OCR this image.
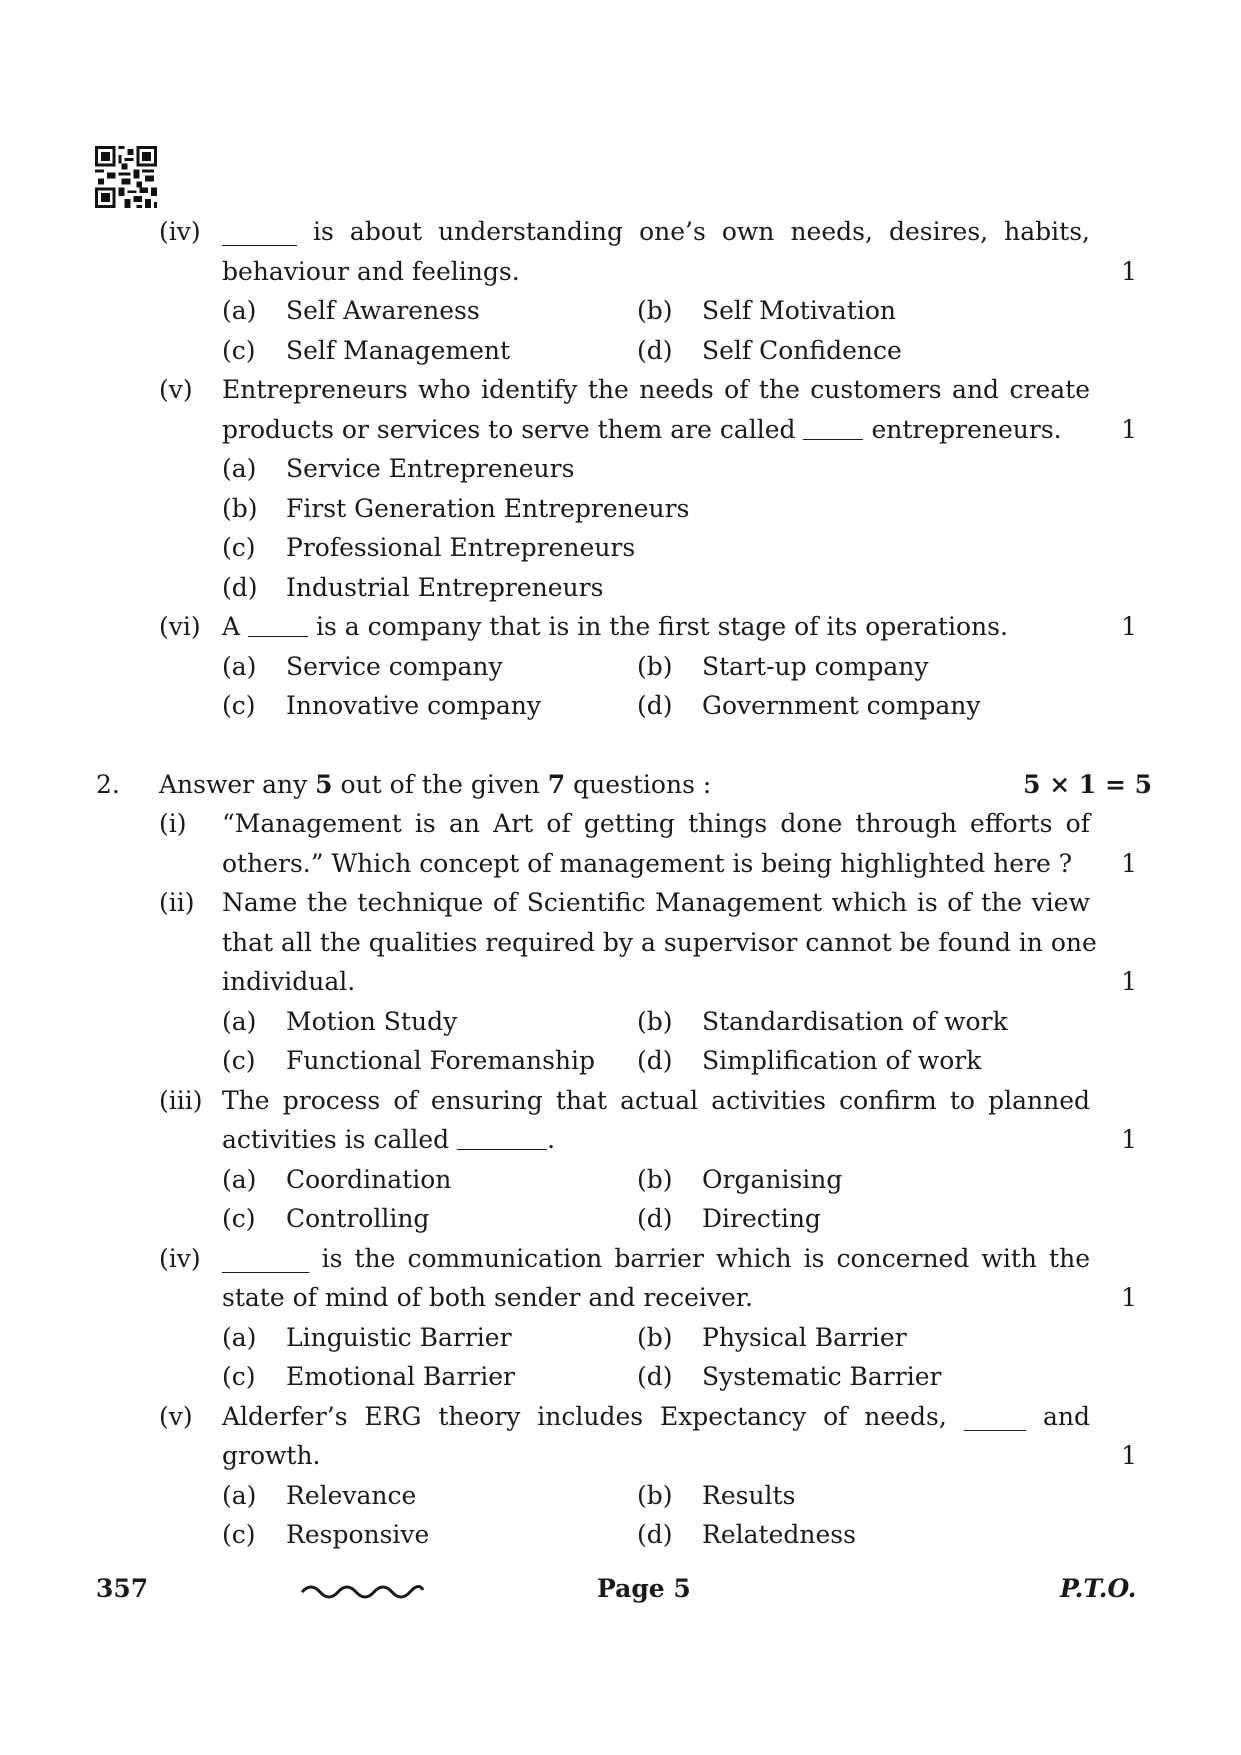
(iv) ______ is about understanding one’s own needs, desires, habits,
behaviour and feelings.	1
(a) Self Awareness	(b) Self Motivation
(c) Self Management	(d) Self Confidence
(v) Entrepreneurs who identify the needs of the customers and create
products or services to serve them are called	entrepreneurs. 1
(a) Service Entrepreneurs
(b) First Generation Entrepreneurs
(c) Professional Entrepreneurs
(d) Industrial Entrepreneurs
(vi) A	is a company that is in the first stage of its operations.	1
(a) Service company	(b) Start-up company
(c) Innovative company	(d) Government company
2. Answer any 5 out of the given 7 questions :	5 × 1 = 5
(i) “Management is an Art of getting things done through efforts of
others.” Which concept of management is being highlighted here ? 1
(ii) Name the technique of Scientific Management which is of the view
that all the qualities required by a supervisor cannot be found in one
individual.	1
(a) Motion Study	(b) Standardisation of work
(c) Functional Foremanship (d) Simplification of work
(iii) The process of ensuring that actual activities confirm to planned
activities is called	.	1
(a) Coordination	(b) Organising
(c) Controlling	(d) Directing
(iv) _______ is the communication barrier which is concerned with the
state of mind of both sender and receiver.	1
(a) Linguistic Barrier	(b) Physical Barrier
(c) Emotional Barrier	(d) Systematic Barrier
(v) Alderfer’s ERG theory includes Expectancy of needs, _____ and
growth.	1
(a) Relevance	(b) Results
(c) Responsive	(d) Relatedness
357	Page 5	P.T.O.
